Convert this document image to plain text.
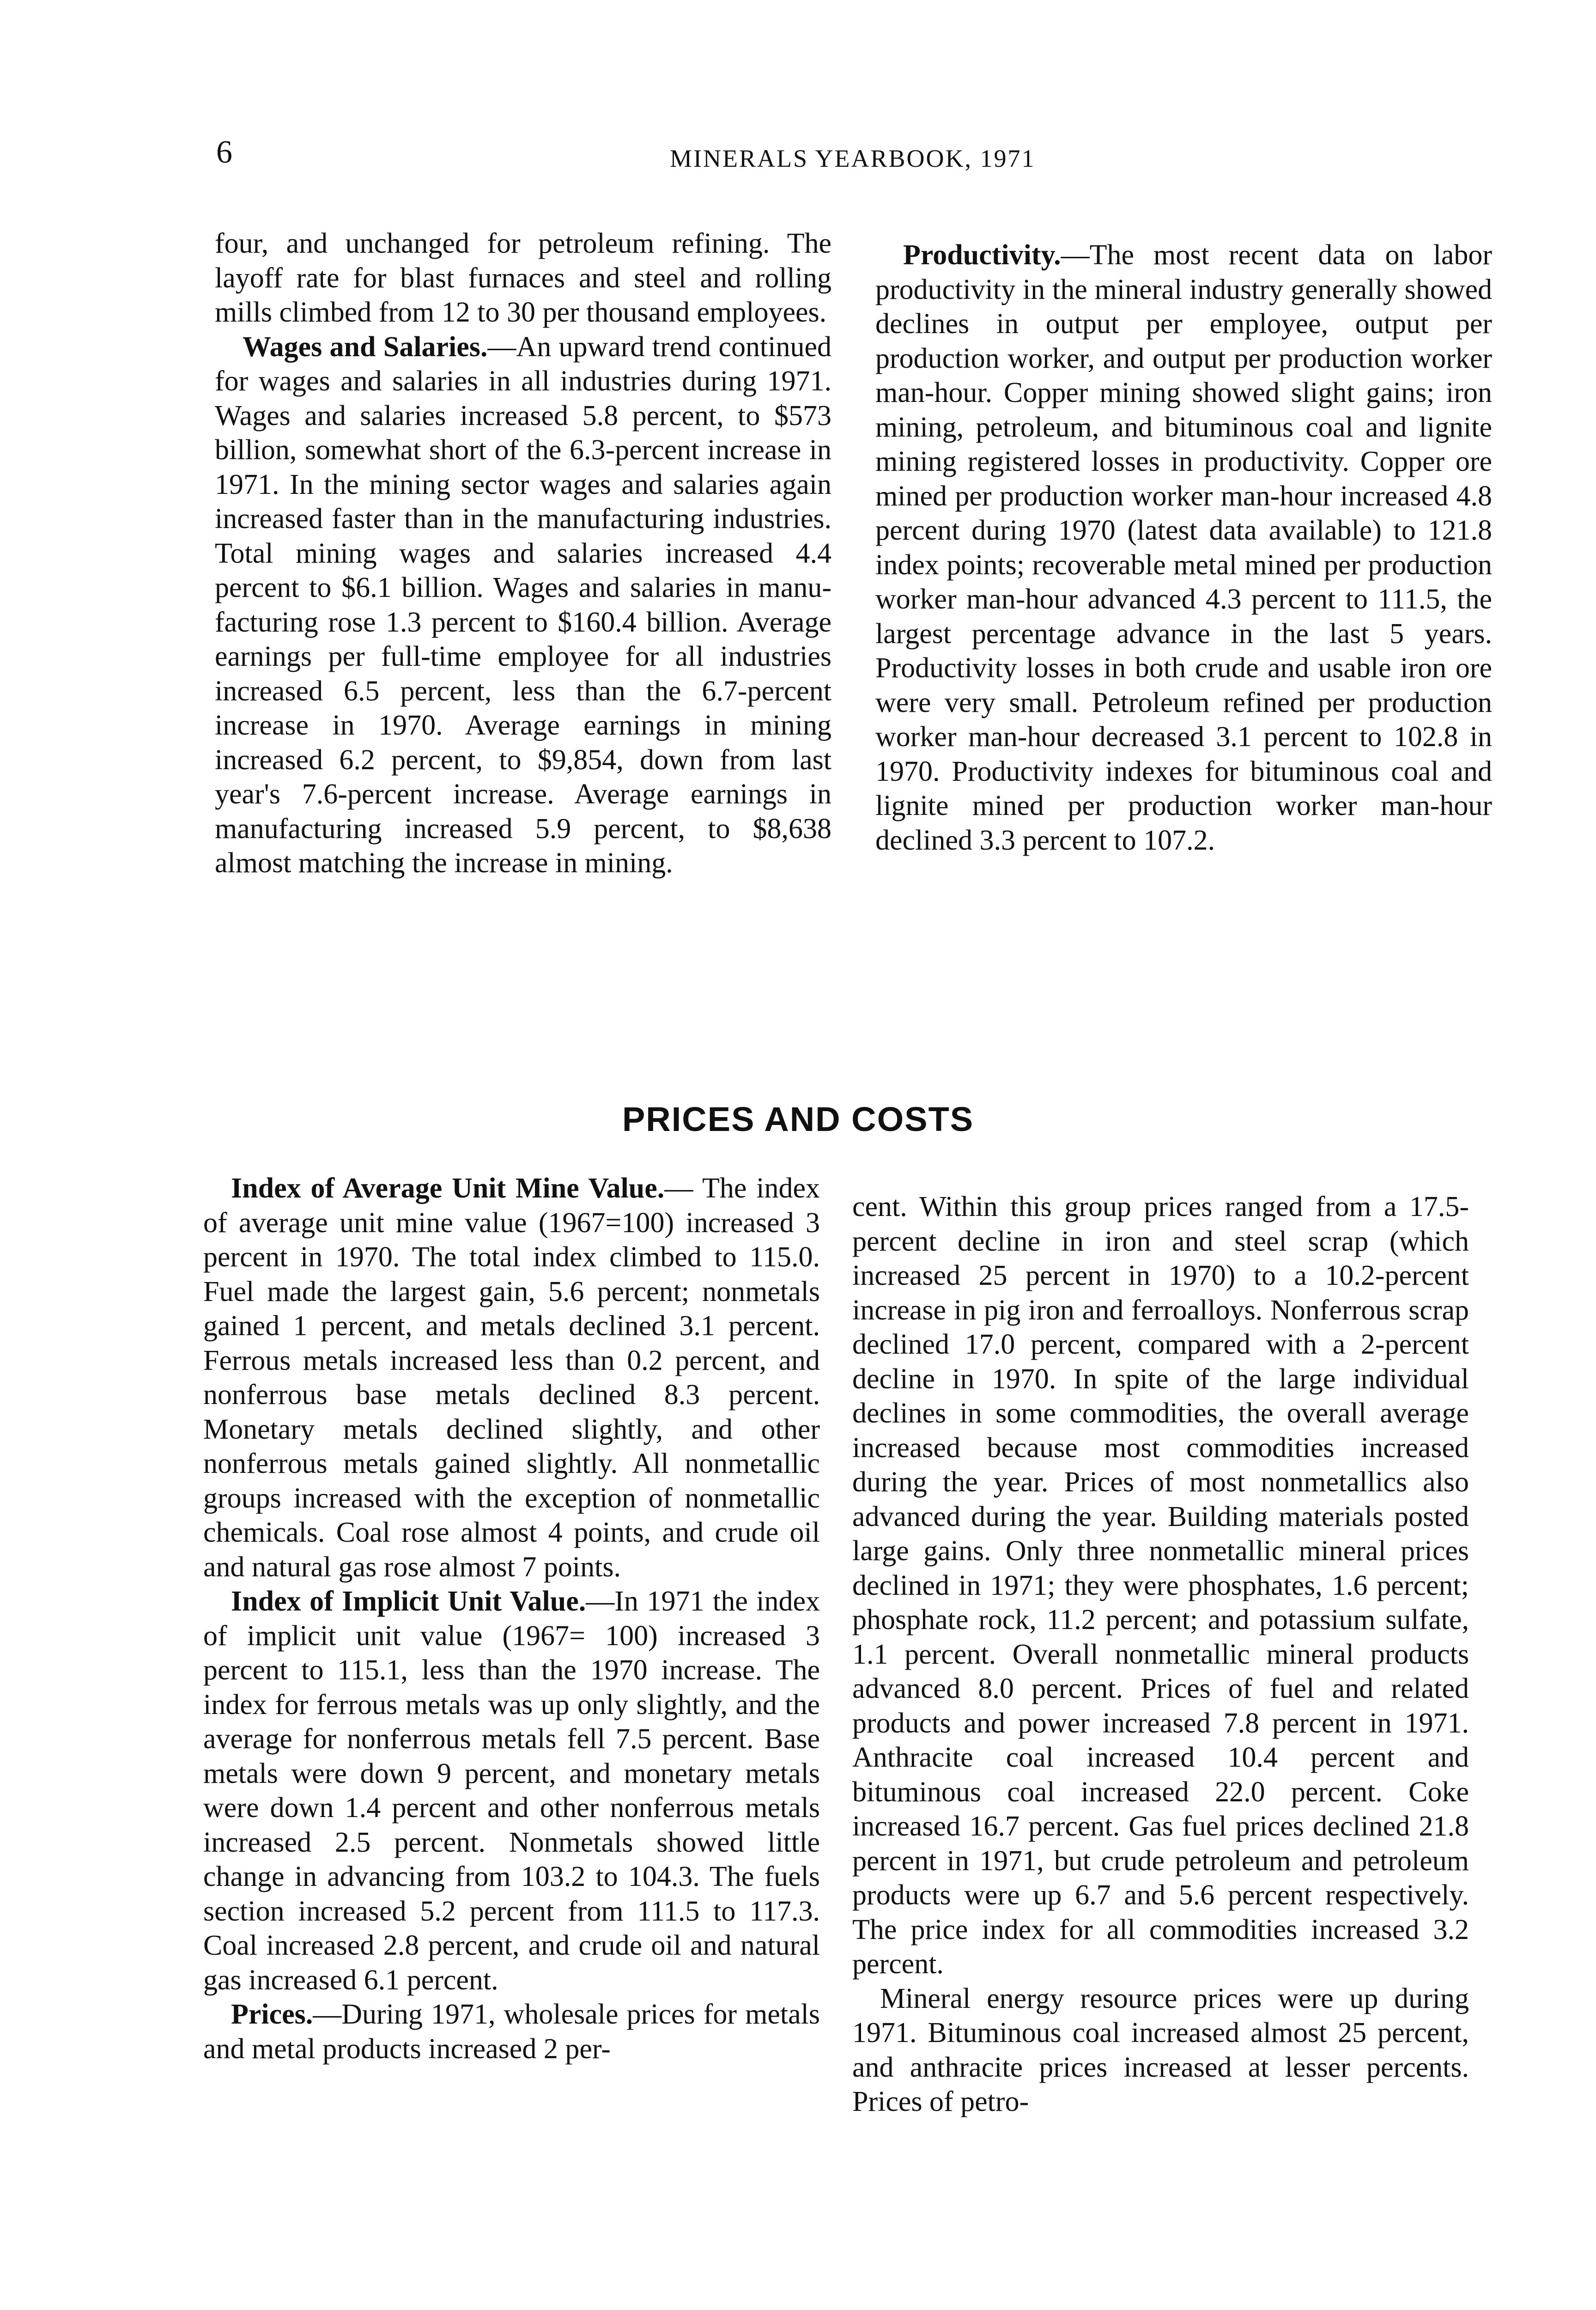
6	MINERALS YEARBOOK, 1971

four, and unchanged for petroleum refining. The layoff rate for blast furnaces and steel and rolling mills climbed from 12 to 30 per thousand employees.

Wages and Salaries.—An upward trend continued for wages and salaries in all industries during 1971. Wages and salaries increased 5.8 percent, to $573 billion, somewhat short of the 6.3-percent increase in 1971. In the mining sector wages and salaries again increased faster than in the manufacturing industries. Total mining wages and salaries increased 4.4 percent to $6.1 billion. Wages and salaries in manufacturing rose 1.3 percent to $160.4 billion. Average earnings per full-time employee for all industries increased 6.5 percent, less than the 6.7-percent increase in 1970. Average earnings in mining increased 6.2 percent, to $9,854, down from last year's 7.6-percent increase. Average earnings in manufacturing increased 5.9 percent, to $8,638 almost matching the increase in mining.

Productivity.—The most recent data on labor productivity in the mineral industry generally showed declines in output per employee, output per production worker, and output per production worker man-hour. Copper mining showed slight gains; iron mining, petroleum, and bituminous coal and lignite mining registered losses in productivity. Copper ore mined per production worker man-hour increased 4.8 percent during 1970 (latest data available) to 121.8 index points; recoverable metal mined per production worker man-hour advanced 4.3 percent to 111.5, the largest percentage advance in the last 5 years. Productivity losses in both crude and usable iron ore were very small. Petroleum refined per production worker man-hour decreased 3.1 percent to 102.8 in 1970. Productivity indexes for bituminous coal and lignite mined per production worker man-hour declined 3.3 percent to 107.2.

PRICES AND COSTS

Index of Average Unit Mine Value.— The index of average unit mine value (1967=100) increased 3 percent in 1970. The total index climbed to 115.0. Fuel made the largest gain, 5.6 percent; nonmetals gained 1 percent, and metals declined 3.1 percent. Ferrous metals increased less than 0.2 percent, and nonferrous base metals declined 8.3 percent. Monetary metals declined slightly, and other nonferrous metals gained slightly. All nonmetallic groups increased with the exception of nonmetallic chemicals. Coal rose almost 4 points, and crude oil and natural gas rose almost 7 points.

Index of Implicit Unit Value.—In 1971 the index of implicit unit value (1967= 100) increased 3 percent to 115.1, less than the 1970 increase. The index for ferrous metals was up only slightly, and the average for nonferrous metals fell 7.5 percent. Base metals were down 9 percent, and monetary metals were down 1.4 percent and other nonferrous metals increased 2.5 percent. Nonmetals showed little change in advancing from 103.2 to 104.3. The fuels section increased 5.2 percent from 111.5 to 117.3. Coal increased 2.8 percent, and crude oil and natural gas increased 6.1 percent.

Prices.—During 1971, wholesale prices for metals and metal products increased 2 per-

cent. Within this group prices ranged from a 17.5-percent decline in iron and steel scrap (which increased 25 percent in 1970) to a 10.2-percent increase in pig iron and ferroalloys. Nonferrous scrap declined 17.0 percent, compared with a 2-percent decline in 1970. In spite of the large individual declines in some commodities, the overall average increased because most commodities increased during the year. Prices of most nonmetallics also advanced during the year. Building materials posted large gains. Only three nonmetallic mineral prices declined in 1971; they were phosphates, 1.6 percent; phosphate rock, 11.2 percent; and potassium sulfate, 1.1 percent. Overall nonmetallic mineral products advanced 8.0 percent. Prices of fuel and related products and power increased 7.8 percent in 1971. Anthracite coal increased 10.4 percent and bituminous coal increased 22.0 percent. Coke increased 16.7 percent. Gas fuel prices declined 21.8 percent in 1971, but crude petroleum and petroleum products were up 6.7 and 5.6 percent respectively. The price index for all commodities increased 3.2 percent.

Mineral energy resource prices were up during 1971. Bituminous coal increased almost 25 percent, and anthracite prices increased at lesser percents. Prices of petro-
